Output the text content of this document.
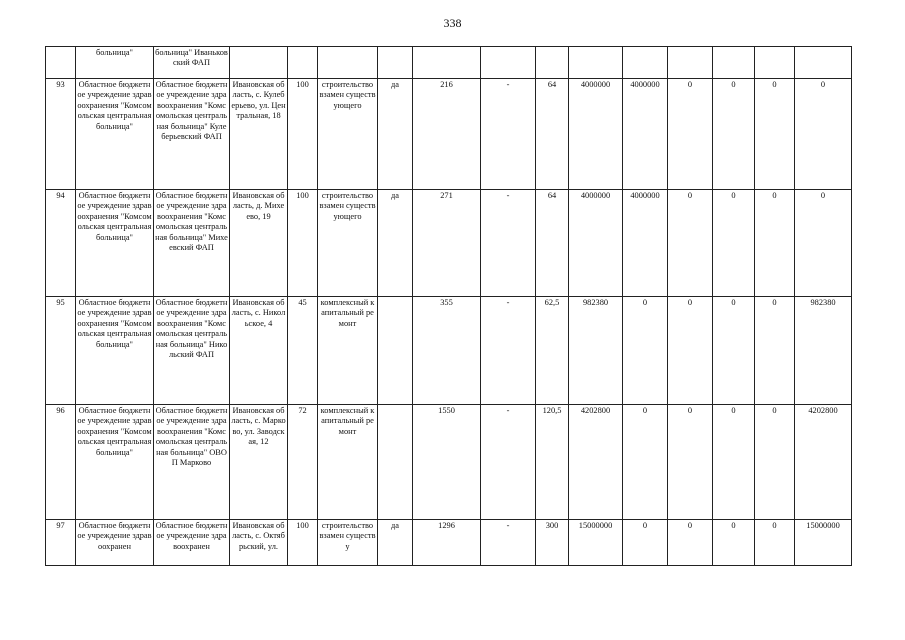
338
	больница"	больница" Иваньковский ФАП													
93	Областное бюджетное учреждение здравоохранения "Комсомольская центральная больница"	Областное бюджетное учреждение здравоохранения "Комсомольская центральная больница" Кулеберьевский ФАП	Ивановская область, с. Кулеберьево, ул. Центральная, 18	100	строительство взамен существующего	да	216	-	64	4000000	4000000	0	0	0	0
94	Областное бюджетное учреждение здравоохранения "Комсомольская центральная больница"	Областное бюджетное учреждение здравоохранения "Комсомольская центральная больница" Михеевский ФАП	Ивановская область, д. Михеево, 19	100	строительство взамен существующего	да	271	-	64	4000000	4000000	0	0	0	0
95	Областное бюджетное учреждение здравоохранения "Комсомольская центральная больница"	Областное бюджетное учреждение здравоохранения "Комсомольская центральная больница" Никольский ФАП	Ивановская область, с. Никольское, 4	45	комплексный капитальный ремонт		355	-	62,5	982380	0	0	0	0	982380
96	Областное бюджетное учреждение здравоохранения "Комсомольская центральная больница"	Областное бюджетное учреждение здравоохранения "Комсомольская центральная больница" ОВОП Марково	Ивановская область, с. Марково, ул. Заводская, 12	72	комплексный капитальный ремонт		1550	-	120,5	4202800	0	0	0	0	4202800
97	Областное бюджетное учреждение здравоохранен	Областное бюджетное учреждение здравоохранен	Ивановская область, с. Октябрьский, ул.	100	строительство взамен существу	да	1296	-	300	15000000	0	0	0	0	15000000
